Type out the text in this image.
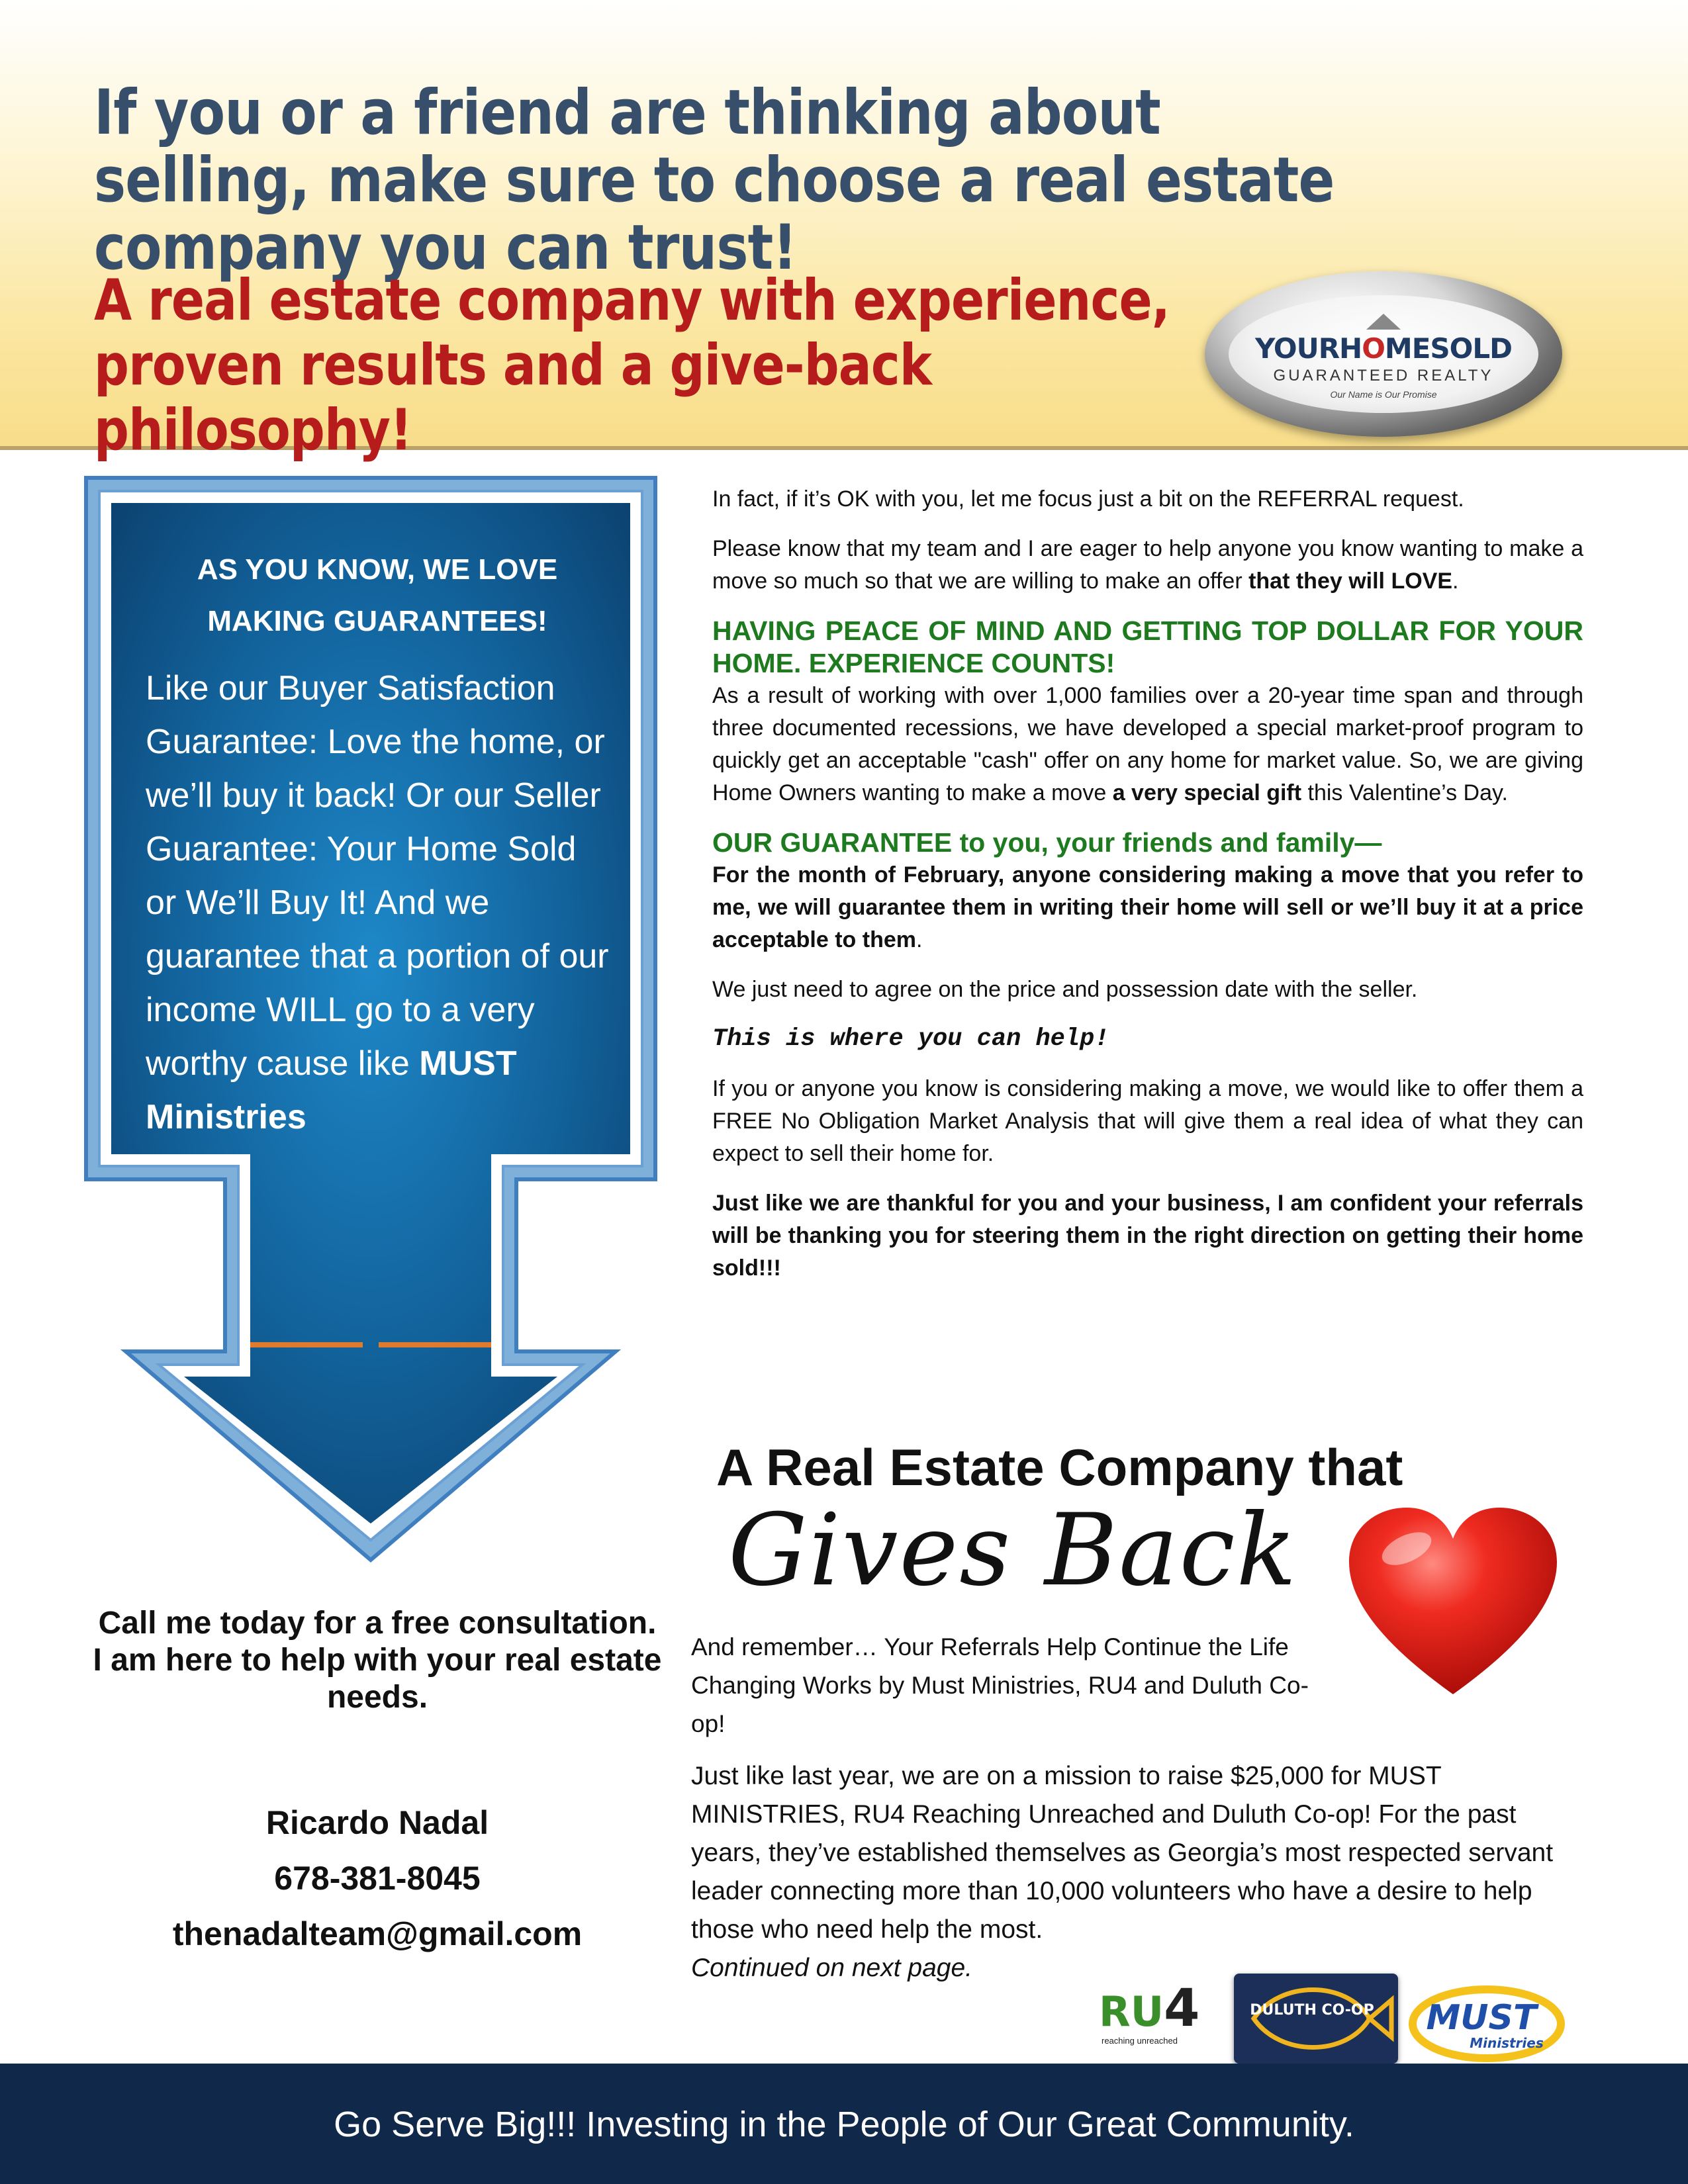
If you or a friend are thinking about selling, make sure to choose a real estate company you can trust!
A real estate company with experience, proven results and a give-back philosophy!
YOURHOMESOLD
GUARANTEED REALTY
Our Name is Our Promise

AS YOU KNOW, WE LOVE MAKING GUARANTEES!

Like our Buyer Satisfaction Guarantee: Love the home, or we’ll buy it back! Or our Seller Guarantee: Your Home Sold or We’ll Buy It! And we guarantee that a portion of our income WILL go to a very worthy cause like MUST Ministries

Call me today for a free consultation. I am here to help with your real estate needs.

Ricardo Nadal
678-381-8045
thenadalteam@gmail.com

In fact, if it’s OK with you, let me focus just a bit on the REFERRAL request.

Please know that my team and I are eager to help anyone you know wanting to make a move so much so that we are willing to make an offer that they will LOVE.

HAVING PEACE OF MIND AND GETTING TOP DOLLAR FOR YOUR HOME. EXPERIENCE COUNTS!

As a result of working with over 1,000 families over a 20-year time span and through three documented recessions, we have developed a special market-proof program to quickly get an acceptable "cash" offer on any home for market value. So, we are giving Home Owners wanting to make a move a very special gift this Valentine’s Day.

OUR GUARANTEE to you, your friends and family—

For the month of February, anyone considering making a move that you refer to me, we will guarantee them in writing their home will sell or we’ll buy it at a price acceptable to them.

We just need to agree on the price and possession date with the seller.

This is where you can help!

If you or anyone you know is considering making a move, we would like to offer them a FREE No Obligation Market Analysis that will give them a real idea of what they can expect to sell their home for.

Just like we are thankful for you and your business, I am confident your referrals will be thanking you for steering them in the right direction on getting their home sold!!!

A Real Estate Company that

Gives Back

And remember… Your Referrals Help Continue the Life Changing Works by Must Ministries, RU4 and Duluth Co-op!

Just like last year, we are on a mission to raise $25,000 for MUST MINISTRIES, RU4 Reaching Unreached and Duluth Co-op! For the past years, they’ve established themselves as Georgia’s most respected servant leader connecting more than 10,000 volunteers who have a desire to help those who need help the most.
Continued on next page.

RU4
reaching unreached
DULUTH CO-OP MUST
Ministries

Go Serve Big!!! Investing in the People of Our Great Community.
